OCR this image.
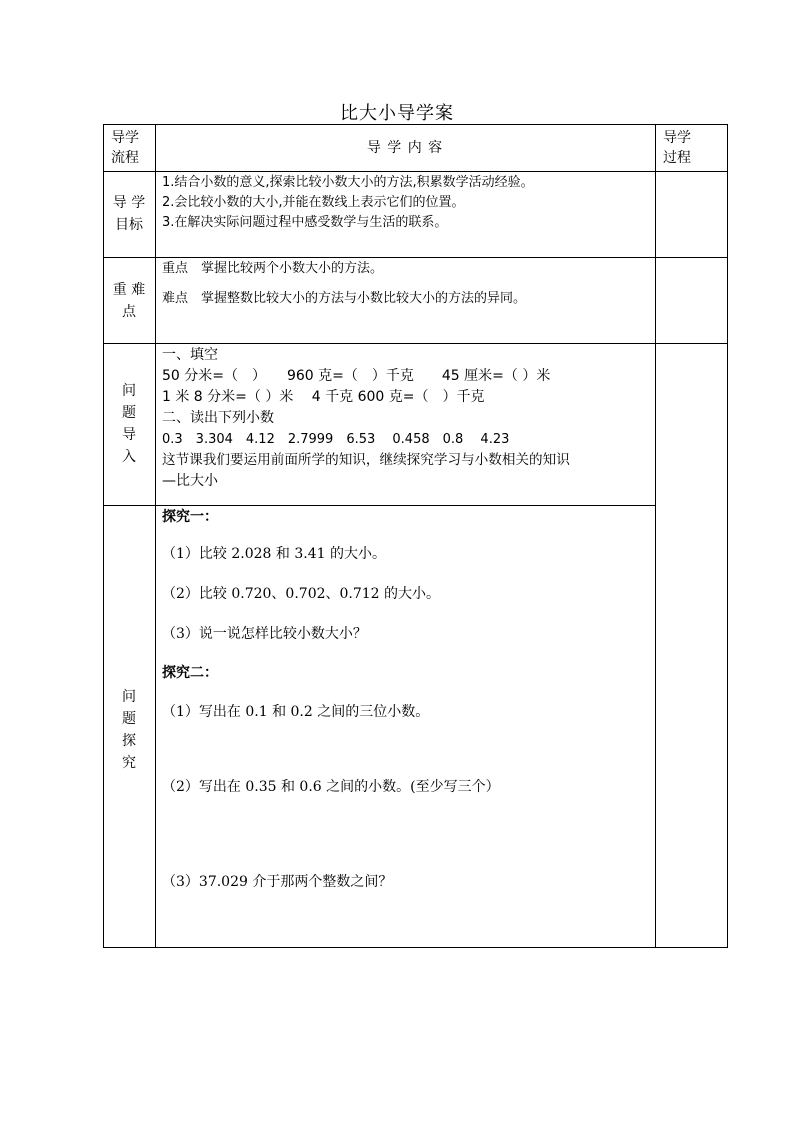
比大小导学案
导学
流程
导 学 内 容
导学
过程
导 学
目标
1.结合小数的意义,探索比较小数大小的方法,积累数学活动经验。
2.会比较小数的大小,并能在数线上表示它们的位置。
3.在解决实际问题过程中感受数学与生活的联系。
重 难
点
重点　掌握比较两个小数大小的方法。
难点　掌握整数比较大小的方法与小数比较大小的方法的异同。
问
题
导
入
一、填空
50 分米=（　）　　960 克=（　）千克　　45 厘米=（ ）米
1 米 8 分米=（ ）米　 4 千克 600 克=（　）千克
二、读出下列小数
0.3　3.304　4.12　2.7999　6.53　 0.458　0.8　 4.23
这节课我们要运用前面所学的知识，继续探究学习与小数相关的知识
—比大小
问
题
探
究
探究一：
（1）比较 2.028 和 3.41 的大小。
（2）比较 0.720、0.702、0.712 的大小。
（3）说一说怎样比较小数大小？
探究二：
（1）写出在 0.1 和 0.2 之间的三位小数。
（2）写出在 0.35 和 0.6 之间的小数。(至少写三个）
（3）37.029 介于那两个整数之间？
